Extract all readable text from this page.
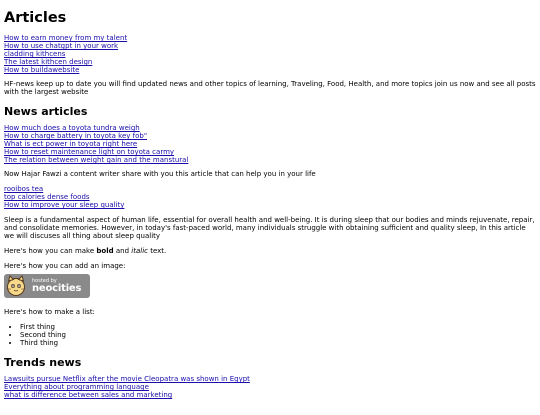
Articles
How to earn money from my talent
How to use chatgpt in your work
cladding kithcens
The latest kithcen design
How to buildawebsite

HF-news keep up to date you will find updated news and other topics of learning, Traveling, Food, Health, and more topics join us now and see all posts with the largest website

News articles
How much does a toyota tundra weigh
How to charge battery in toyota key fob"
What is ect power in toyota right here
How to reset maintenance light on toyota carmy
The relation between weight gain and the manstural

Now Hajar Fawzi a content writer share with you this article that can help you in your life

rooibos tea
top calories dense foods
How to improve your sleep quality

Sleep is a fundamental aspect of human life, essential for overall health and well-being. It is during sleep that our bodies and minds rejuvenate, repair, and consolidate memories. However, in today's fast-paced world, many individuals struggle with obtaining sufficient and quality sleep, In this article we will discuses all thing about sleep quality

Here's how you can make bold and italic text.

Here's how you can add an image:

hosted by
neocities

Here's how to make a list:

• First thing
• Second thing
• Third thing
Trends news
Lawsuits pursue Netflix after the movie Cleopatra was shown in Egypt
Everything about programming language
what is difference between sales and marketing
